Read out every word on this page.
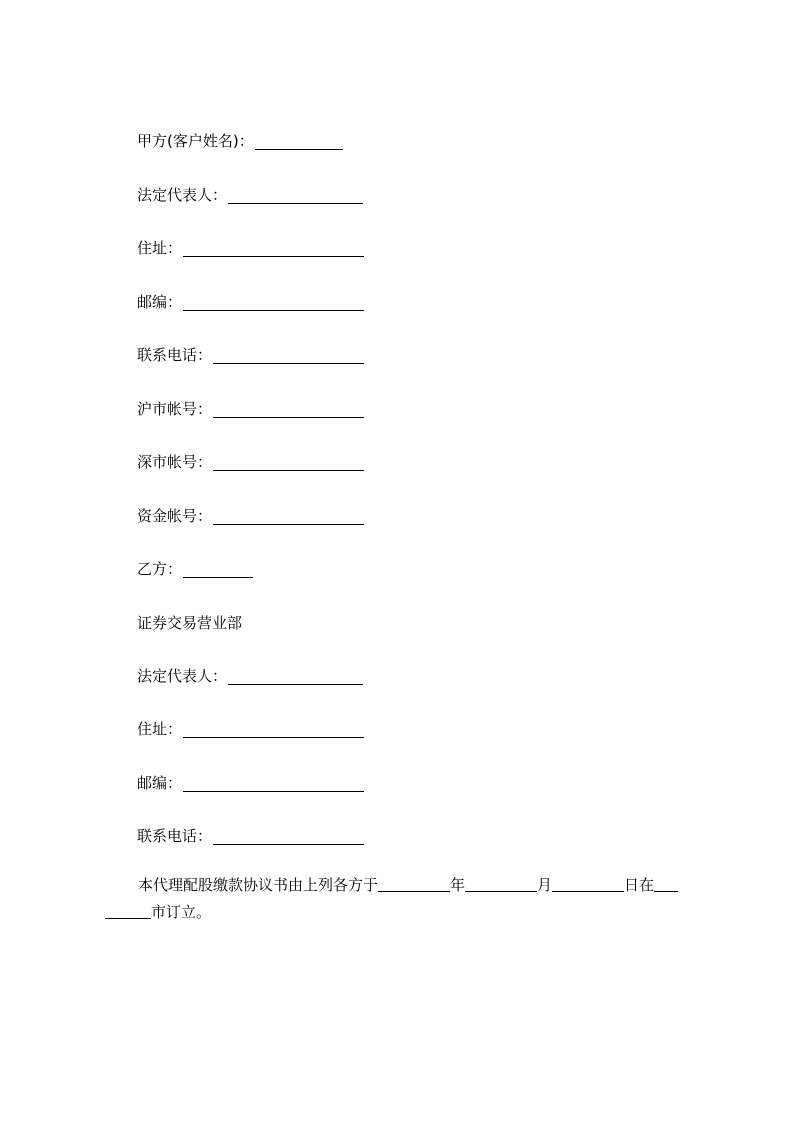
甲方(客户姓名)：
法定代表人：
住址：
邮编：
联系电话：
沪市帐号：
深市帐号：
资金帐号：
乙方：
证券交易营业部
法定代表人：
住址：
邮编：
联系电话：
本代理配股缴款协议书由上列各方于	年	月	日在
市订立。
